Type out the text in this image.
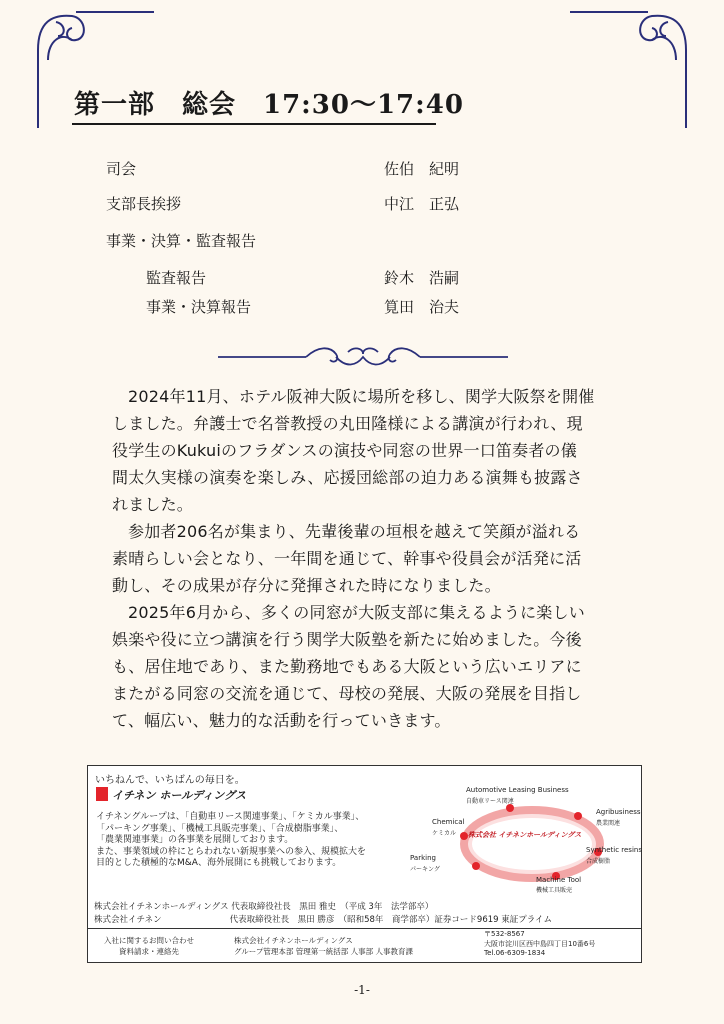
第一部　総会　17:30～17:40
司会	佐伯　紀明
支部長挨拶	中江　正弘
事業・決算・監査報告
監査報告	鈴木　浩嗣
事業・決算報告	筧田　治夫
2024年11月、ホテル阪神大阪に場所を移し、関学大阪祭を開催
しました。弁護士で名誉教授の丸田隆様による講演が行われ、現
役学生のKukuiのフラダンスの演技や同窓の世界一口笛奏者の儀
間太久実様の演奏を楽しみ、応援団総部の迫力ある演舞も披露さ
れました。
参加者206名が集まり、先輩後輩の垣根を越えて笑顔が溢れる
素晴らしい会となり、一年間を通じて、幹事や役員会が活発に活
動し、その成果が存分に発揮された時になりました。
2025年6月から、多くの同窓が大阪支部に集えるように楽しい
娯楽や役に立つ講演を行う関学大阪塾を新たに始めました。今後
も、居住地であり、また勤務地でもある大阪という広いエリアに
またがる同窓の交流を通じて、母校の発展、大阪の発展を目指し
て、幅広い、魅力的な活動を行っていきます。
いちねんで、いちばんの毎日を。
イチネン ホールディングス
イチネングループは、「自動車リース関連事業」、「ケミカル事業」、
「パーキング事業」、「機械工具販売事業」、「合成樹脂事業」、
「農業関連事業」の各事業を展開しております。
また、事業領域の枠にとらわれない新規事業への参入、規模拡大を
目的とした積極的なM&A、海外展開にも挑戦しております。
株式会社 イチネンホールディングス
Automotive Leasing Business
自動車リース関連
Agribusiness
農業関連
Chemical
ケミカル
Synthetic resins
合成樹脂
Parking
パーキング
Machine Tool
機械工具販売
株式会社イチネンホールディングス 代表取締役社長　黒田 雅史　（平成 3年　法学部卒）
株式会社イチネン　　　　　　　　代表取締役社長　黒田 勝彦　（昭和58年　商学部卒）証券コード9619 東証プライム
入社に関するお問い合わせ
資料請求・連絡先
株式会社イチネンホールディングス
グループ管理本部 管理第一統括部 人事部 人事教育課
〒532-8567
大阪市淀川区西中島四丁目10番6号
Tel.06-6309-1834
-1-
